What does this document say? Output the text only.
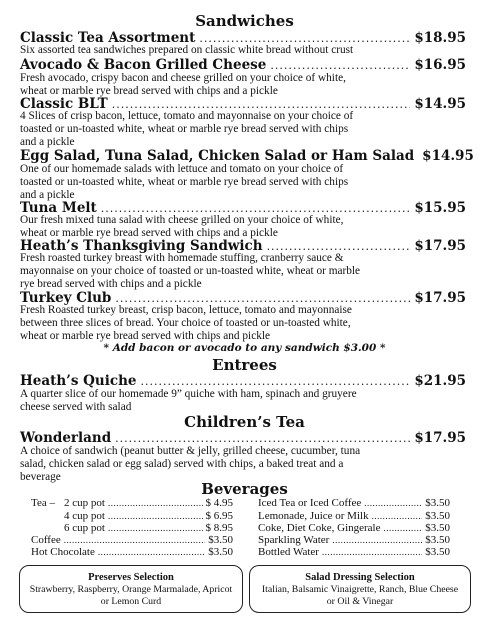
Sandwiches
Classic Tea Assortment .....	$18.95
Six assorted tea sandwiches prepared on classic white bread without crust
Avocado & Bacon Grilled Cheese .....	$16.95
Fresh avocado, crispy bacon and cheese grilled on your choice of white,
wheat or marble rye bread served with chips and a pickle
Classic BLT .....	$14.95
4 Slices of crisp bacon, lettuce, tomato and mayonnaise on your choice of
toasted or un-toasted white, wheat or marble rye bread served with chips
and a pickle
Egg Salad, Tuna Salad, Chicken Salad or Ham Salad $14.95
One of our homemade salads with lettuce and tomato on your choice of
toasted or un-toasted white, wheat or marble rye bread served with chips
and a pickle
Tuna Melt .....	$15.95
Our fresh mixed tuna salad with cheese grilled on your choice of white,
wheat or marble rye bread served with chips and a pickle
Heath’s Thanksgiving Sandwich .....	$17.95
Fresh roasted turkey breast with homemade stuffing, cranberry sauce &
mayonnaise on your choice of toasted or un-toasted white, wheat or marble
rye bread served with chips and a pickle
Turkey Club .....	$17.95
Fresh Roasted turkey breast, crisp bacon, lettuce, tomato and mayonnaise
between three slices of bread. Your choice of toasted or un-toasted white,
wheat or marble rye bread served with chips and pickle
* Add bacon or avocado to any sandwich $3.00 *
Entrees
Heath’s Quiche .....	$21.95
A quarter slice of our homemade 9” quiche with ham, spinach and gruyere
cheese served with salad
Children’s Tea
Wonderland .....	$17.95
A choice of sandwich (peanut butter & jelly, grilled cheese, cucumber, tuna
salad, chicken salad or egg salad) served with chips, a baked treat and a
beverage
Beverages
Tea – 2 cup pot .....	$ 4.95
4 cup pot .....	$ 6.95
6 cup pot .....	$ 8.95
Coffee .....	$3.50
Hot Chocolate .....	$3.50
Iced Tea or Iced Coffee .....	$3.50
Lemonade, Juice or Milk .....	$3.50
Coke, Diet Coke, Gingerale .....	$3.50
Sparkling Water .....	$3.50
Bottled Water .....	$3.50
Preserves Selection
Strawberry, Raspberry, Orange Marmalade, Apricot
or Lemon Curd
Salad Dressing Selection
Italian, Balsamic Vinaigrette, Ranch, Blue Cheese
or Oil & Vinegar
